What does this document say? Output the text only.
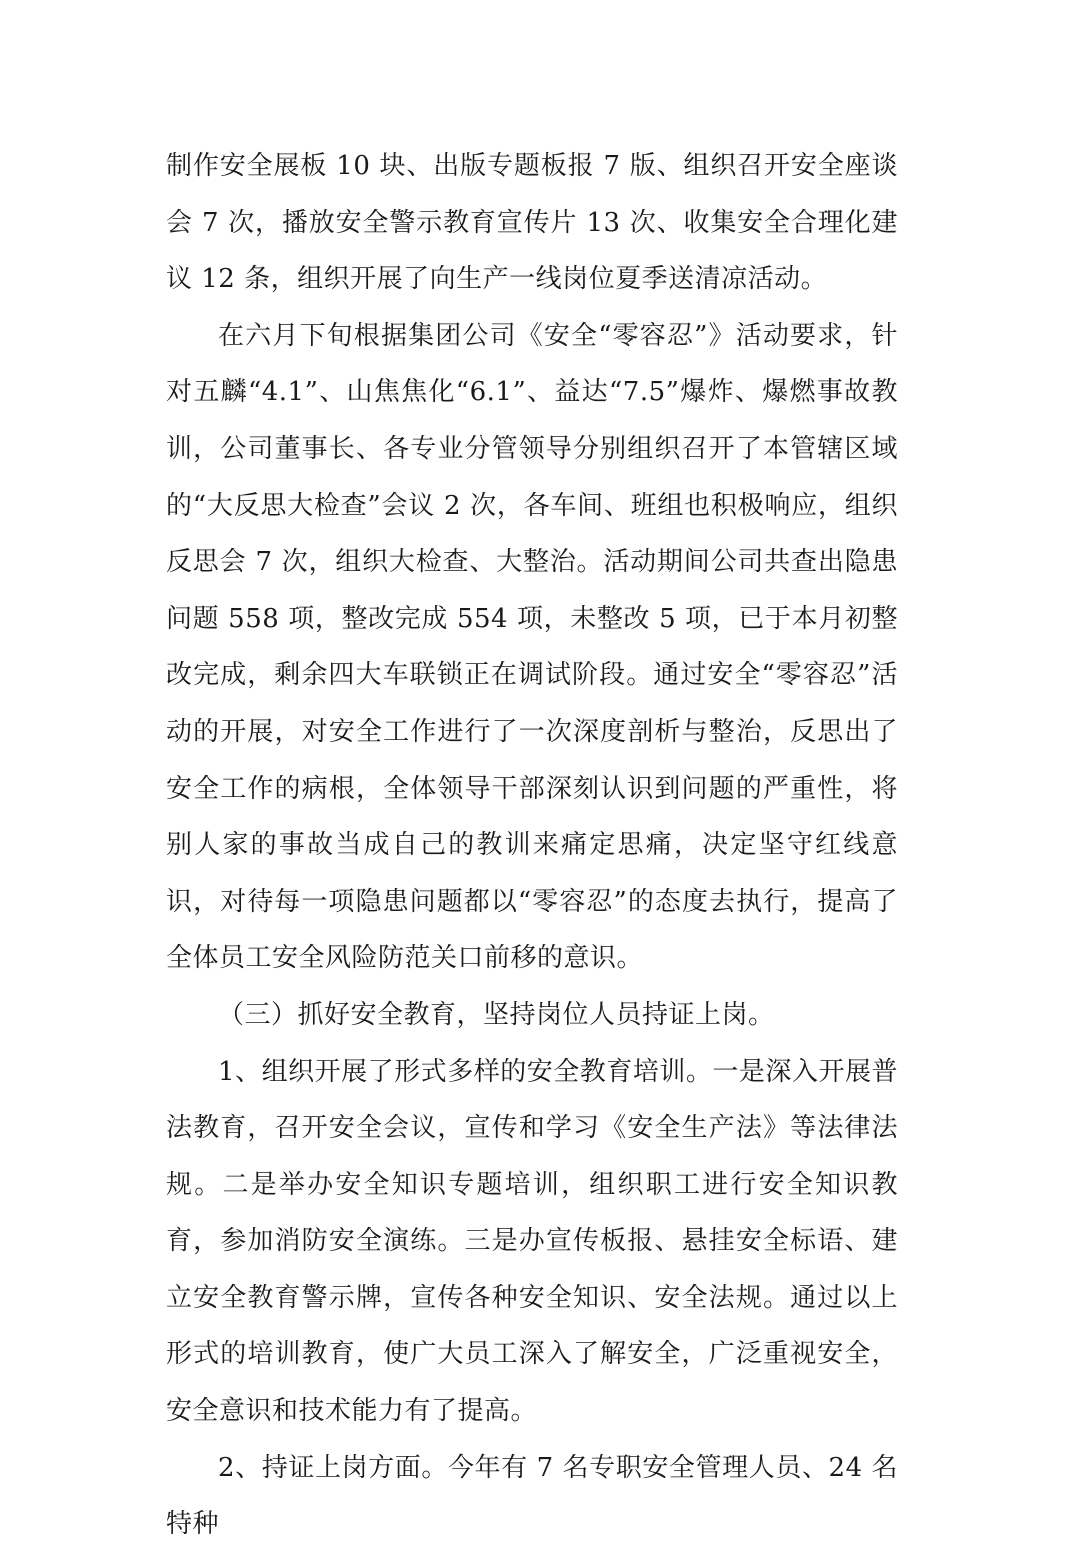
制作安全展板 10 块、出版专题板报 7 版、组织召开安全座谈会 7 次，播放安全警示教育宣传片 13 次、收集安全合理化建议 12 条，组织开展了向生产一线岗位夏季送清凉活动。

在六月下旬根据集团公司《安全“零容忍”》活动要求，针对五麟“4.1”、山焦焦化“6.1”、益达“7.5”爆炸、爆燃事故教训，公司董事长、各专业分管领导分别组织召开了本管辖区域的“大反思大检查”会议 2 次，各车间、班组也积极响应，组织反思会 7 次，组织大检查、大整治。活动期间公司共查出隐患问题 558 项，整改完成 554 项，未整改 5 项，已于本月初整改完成，剩余四大车联锁正在调试阶段。通过安全“零容忍”活动的开展，对安全工作进行了一次深度剖析与整治，反思出了安全工作的病根，全体领导干部深刻认识到问题的严重性，将别人家的事故当成自己的教训来痛定思痛，决定坚守红线意识，对待每一项隐患问题都以“零容忍”的态度去执行，提高了全体员工安全风险防范关口前移的意识。

（三）抓好安全教育，坚持岗位人员持证上岗。

1、组织开展了形式多样的安全教育培训。一是深入开展普法教育，召开安全会议，宣传和学习《安全生产法》等法律法规。二是举办安全知识专题培训，组织职工进行安全知识教育，参加消防安全演练。三是办宣传板报、悬挂安全标语、建立安全教育警示牌，宣传各种安全知识、安全法规。通过以上形式的培训教育，使广大员工深入了解安全，广泛重视安全，安全意识和技术能力有了提高。

2、持证上岗方面。今年有 7 名专职安全管理人员、24 名特种
